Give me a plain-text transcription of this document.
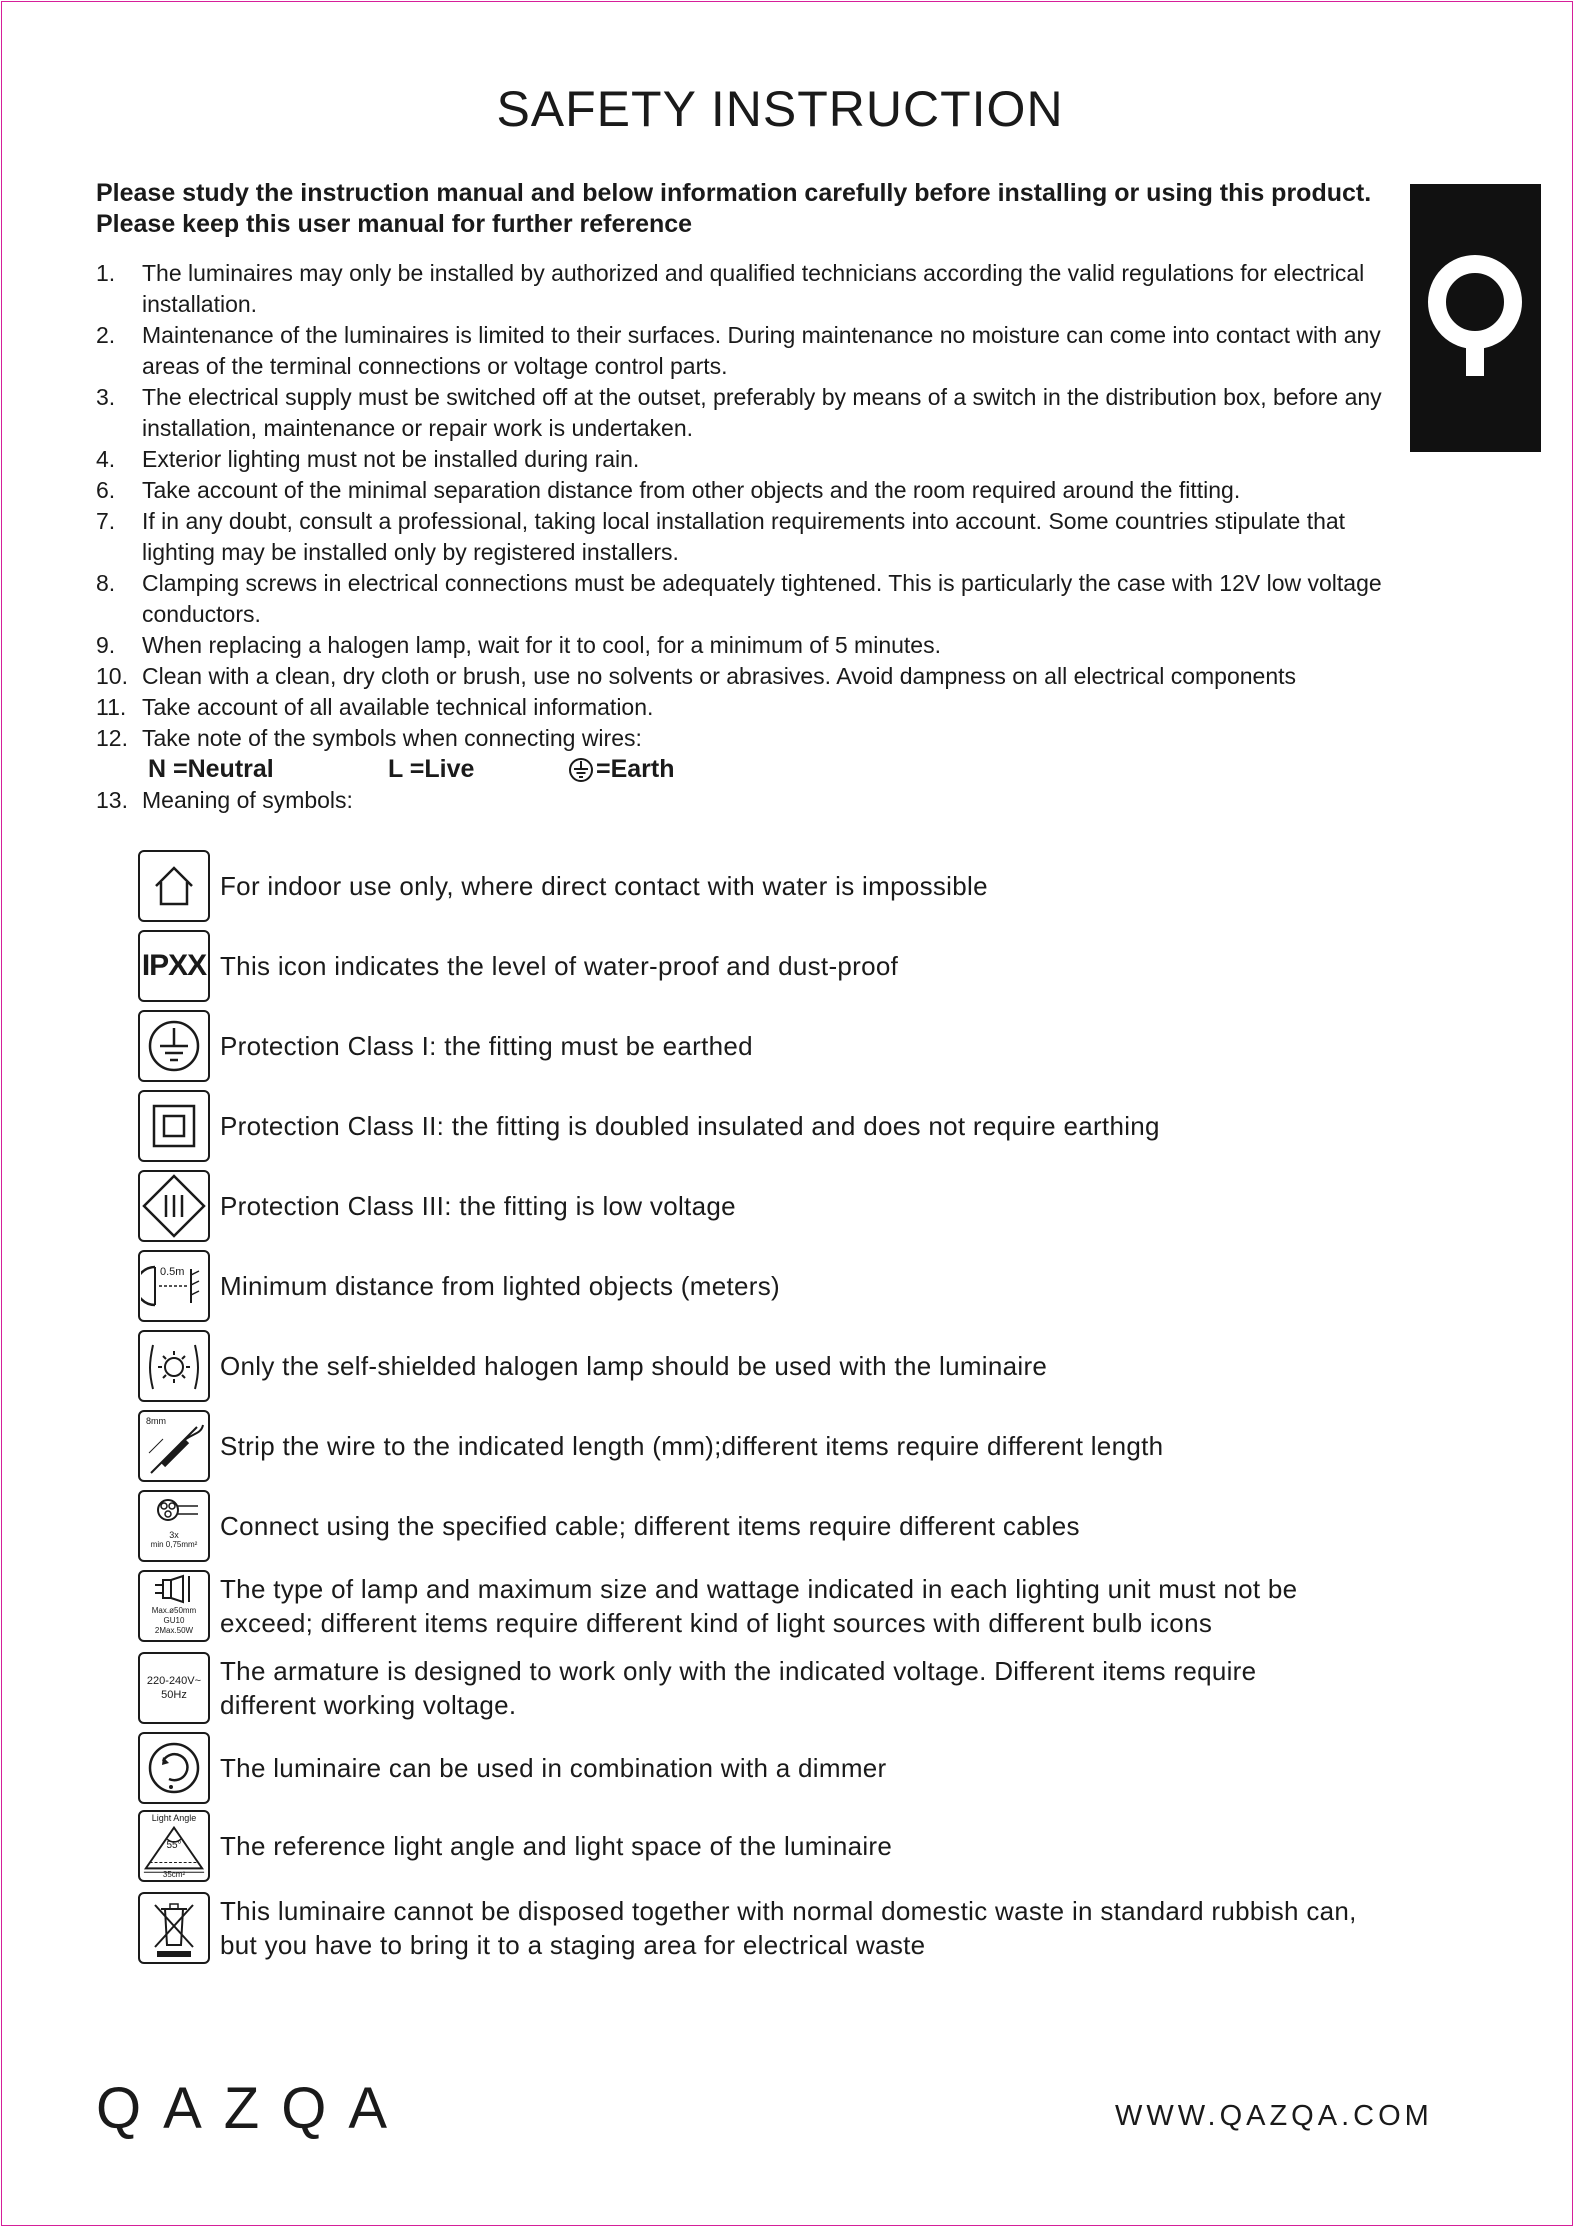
SAFETY INSTRUCTION
Please study the instruction manual and below information carefully before installing or using this product. Please keep this user manual for further reference
1.	The luminaires may only be installed by authorized and qualified technicians according the valid regulations for electrical installation.
2.	Maintenance of the luminaires is limited to their surfaces. During maintenance no moisture can come into contact with any areas of the terminal connections or voltage control parts.
3.	The electrical supply must be switched off at the outset, preferably by means of a switch in the distribution box, before any installation, maintenance or repair work is undertaken.
4.	Exterior lighting must not be installed during rain.
6.	Take account of the minimal separation distance from other objects and the room required around the fitting.
7.	If in any doubt, consult a professional, taking local installation requirements into account. Some countries stipulate that lighting may be installed only by registered installers.
8.	Clamping screws in electrical connections must be adequately tightened. This is particularly the case with 12V low voltage conductors.
9.	When replacing a halogen lamp, wait for it to cool, for a minimum of 5 minutes.
10. Clean with a clean, dry cloth or brush, use no solvents or abrasives. Avoid dampness on all electrical components
11. Take account of all available technical information.
12. Take note of the symbols when connecting wires:
N =Neutral	L =Live	=Earth
13. Meaning of symbols:
For indoor use only, where direct contact with water is impossible
IPXX This icon indicates the level of water-proof and dust-proof
Protection Class I: the fitting must be earthed
Protection Class II: the fitting is doubled insulated and does not require earthing
Protection Class III: the fitting is low voltage
0.5m Minimum distance from lighted objects (meters)
Only the self-shielded halogen lamp should be used with the luminaire
8mm
Strip the wire to the indicated length (mm);different items require different length
3x
min 0,75mm²
Connect using the specified cable; different items require different cables
Max.ø50mm
GU10
2Max.50W
The type of lamp and maximum size and wattage indicated in each lighting unit must not be exceed; different items require different kind of light sources with different bulb icons
220-240V~
50Hz
The armature is designed to work only with the indicated voltage. Different items require different working voltage.
The luminaire can be used in combination with a dimmer
Light Angle
55°
35cm²
The reference light angle and light space of the luminaire
This luminaire cannot be disposed together with normal domestic waste in standard rubbish can, but you have to bring it to a staging area for electrical waste
QAZQA	WWW.QAZQA.COM
